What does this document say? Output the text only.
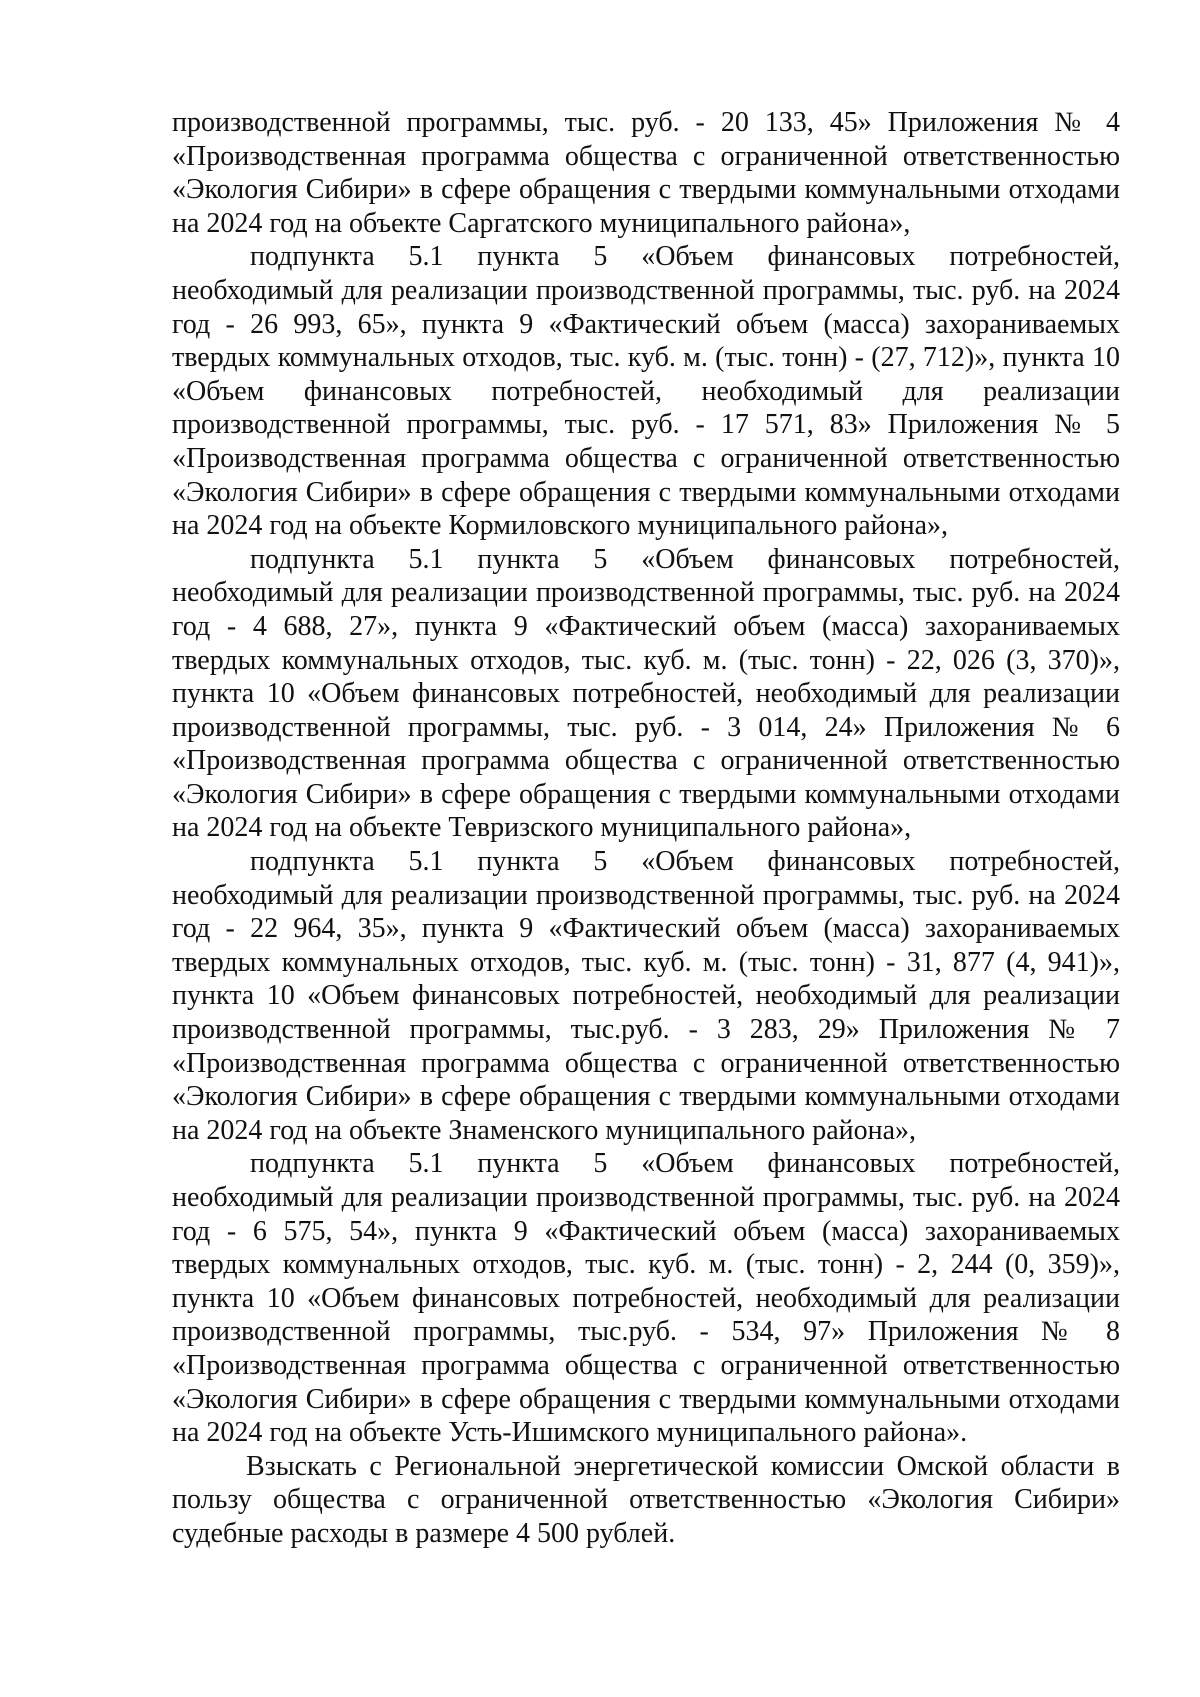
производственной программы, тыс. руб. - 20 133, 45» Приложения № 4 «Производственная программа общества с ограниченной ответственностью «Экология Сибири» в сфере обращения с твердыми коммунальными отходами на 2024 год на объекте Саргатского муниципального района»,

подпункта 5.1 пункта 5 «Объем финансовых потребностей, необходимый для реализации производственной программы, тыс. руб. на 2024 год - 26 993, 65», пункта 9 «Фактический объем (масса) захораниваемых твердых коммунальных отходов, тыс. куб. м. (тыс. тонн) - (27, 712)», пункта 10 «Объем финансовых потребностей, необходимый для реализации производственной программы, тыс. руб. - 17 571, 83» Приложения № 5 «Производственная программа общества с ограниченной ответственностью «Экология Сибири» в сфере обращения с твердыми коммунальными отходами на 2024 год на объекте Кормиловского муниципального района»,

подпункта 5.1 пункта 5 «Объем финансовых потребностей, необходимый для реализации производственной программы, тыс. руб. на 2024 год - 4 688, 27», пункта 9 «Фактический объем (масса) захораниваемых твердых коммунальных отходов, тыс. куб. м. (тыс. тонн) - 22, 026 (3, 370)», пункта 10 «Объем финансовых потребностей, необходимый для реализации производственной программы, тыс. руб. - 3 014, 24» Приложения № 6 «Производственная программа общества с ограниченной ответственностью «Экология Сибири» в сфере обращения с твердыми коммунальными отходами на 2024 год на объекте Тевризского муниципального района»,

подпункта 5.1 пункта 5 «Объем финансовых потребностей, необходимый для реализации производственной программы, тыс. руб. на 2024 год - 22 964, 35», пункта 9 «Фактический объем (масса) захораниваемых твердых коммунальных отходов, тыс. куб. м. (тыс. тонн) - 31, 877 (4, 941)», пункта 10 «Объем финансовых потребностей, необходимый для реализации производственной программы, тыс.руб. - 3 283, 29» Приложения № 7 «Производственная программа общества с ограниченной ответственностью «Экология Сибири» в сфере обращения с твердыми коммунальными отходами на 2024 год на объекте Знаменского муниципального района»,

подпункта 5.1 пункта 5 «Объем финансовых потребностей, необходимый для реализации производственной программы, тыс. руб. на 2024 год - 6 575, 54», пункта 9 «Фактический объем (масса) захораниваемых твердых коммунальных отходов, тыс. куб. м. (тыс. тонн) - 2, 244 (0, 359)», пункта 10 «Объем финансовых потребностей, необходимый для реализации производственной программы, тыс.руб. - 534, 97» Приложения № 8 «Производственная программа общества с ограниченной ответственностью «Экология Сибири» в сфере обращения с твердыми коммунальными отходами на 2024 год на объекте Усть-Ишимского муниципального района».

Взыскать с Региональной энергетической комиссии Омской области в пользу общества с ограниченной ответственностью «Экология Сибири» судебные расходы в размере 4 500 рублей.
